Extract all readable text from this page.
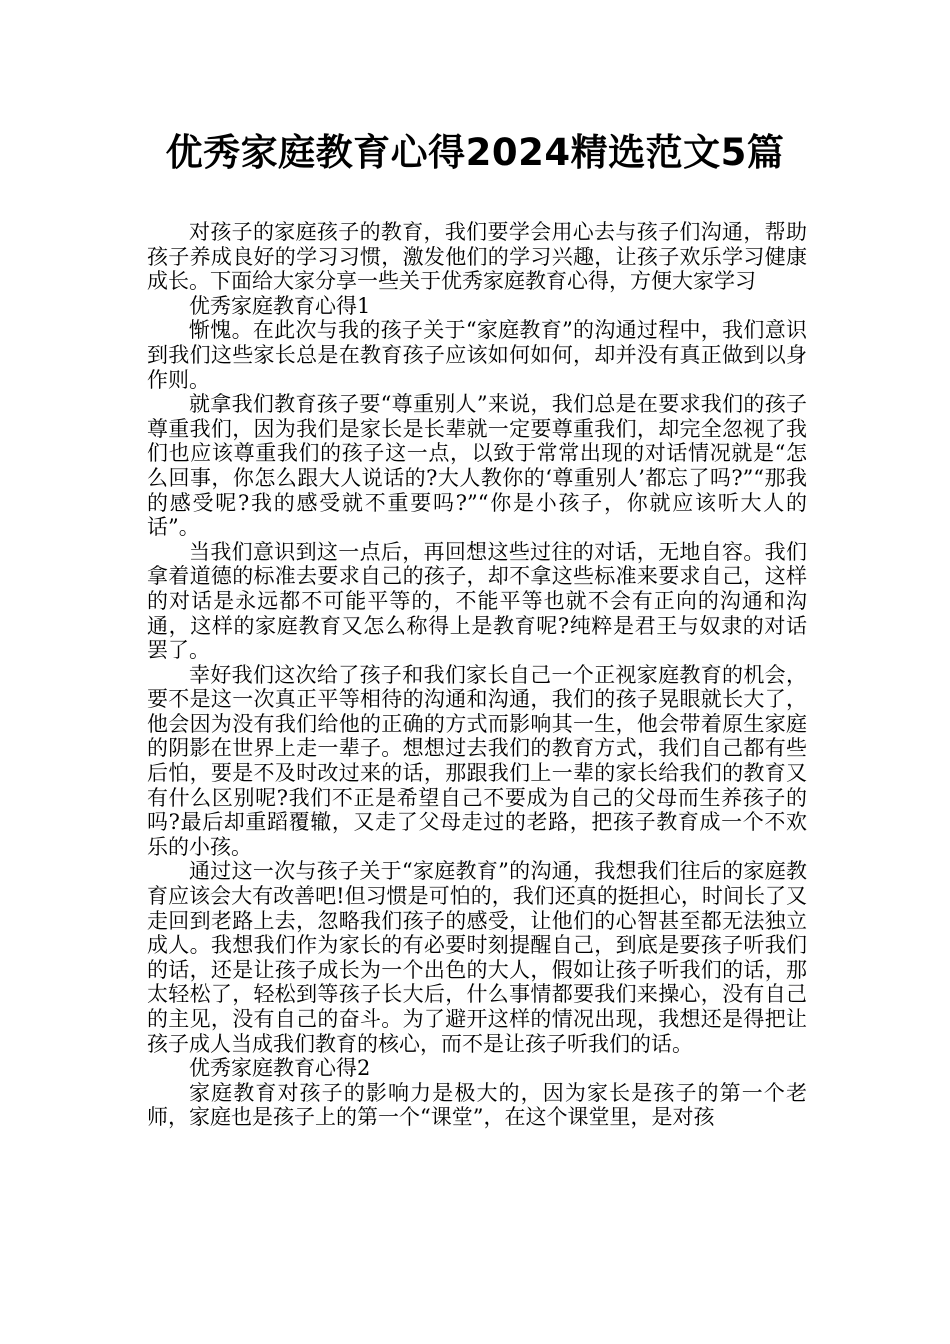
优秀家庭教育心得2024精选范文5篇

对孩子的家庭孩子的教育，我们要学会用心去与孩子们沟通，帮助孩子养成良好的学习习惯，激发他们的学习兴趣，让孩子欢乐学习健康成长。下面给大家分享一些关于优秀家庭教育心得，方便大家学习

优秀家庭教育心得1

惭愧。在此次与我的孩子关于“家庭教育”的沟通过程中，我们意识到我们这些家长总是在教育孩子应该如何如何，却并没有真正做到以身作则。

就拿我们教育孩子要“尊重别人”来说，我们总是在要求我们的孩子尊重我们，因为我们是家长是长辈就一定要尊重我们，却完全忽视了我们也应该尊重我们的孩子这一点，以致于常常出现的对话情况就是“怎么回事，你怎么跟大人说话的?大人教你的‘尊重别人’都忘了吗?”“那我的感受呢?我的感受就不重要吗?”“你是小孩子，你就应该听大人的话”。

当我们意识到这一点后，再回想这些过往的对话，无地自容。我们拿着道德的标准去要求自己的孩子，却不拿这些标准来要求自己，这样的对话是永远都不可能平等的，不能平等也就不会有正向的沟通和沟通，这样的家庭教育又怎么称得上是教育呢?纯粹是君王与奴隶的对话罢了。

幸好我们这次给了孩子和我们家长自己一个正视家庭教育的机会，要不是这一次真正平等相待的沟通和沟通，我们的孩子晃眼就长大了，他会因为没有我们给他的正确的方式而影响其一生，他会带着原生家庭的阴影在世界上走一辈子。想想过去我们的教育方式，我们自己都有些后怕，要是不及时改过来的话，那跟我们上一辈的家长给我们的教育又有什么区别呢?我们不正是希望自己不要成为自己的父母而生养孩子的吗?最后却重蹈覆辙，又走了父母走过的老路，把孩子教育成一个不欢乐的小孩。

通过这一次与孩子关于“家庭教育”的沟通，我想我们往后的家庭教育应该会大有改善吧!但习惯是可怕的，我们还真的挺担心，时间长了又走回到老路上去，忽略我们孩子的感受，让他们的心智甚至都无法独立成人。我想我们作为家长的有必要时刻提醒自己，到底是要孩子听我们的话，还是让孩子成长为一个出色的大人，假如让孩子听我们的话，那太轻松了，轻松到等孩子长大后，什么事情都要我们来操心，没有自己的主见，没有自己的奋斗。为了避开这样的情况出现，我想还是得把让孩子成人当成我们教育的核心，而不是让孩子听我们的话。

优秀家庭教育心得2

家庭教育对孩子的影响力是极大的，因为家长是孩子的第一个老师，家庭也是孩子上的第一个“课堂”，在这个课堂里，是对孩
